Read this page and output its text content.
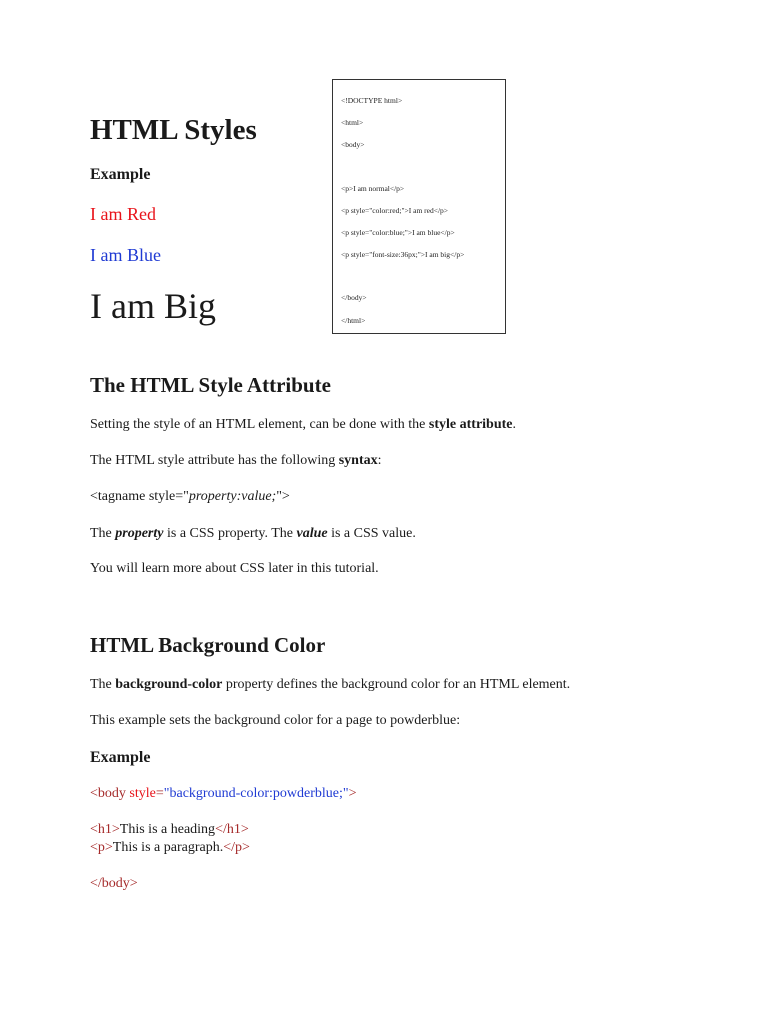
HTML Styles
Example
I am Red
I am Blue
I am Big
<!DOCTYPE html>
<html>
<body>
<p>I am normal</p>
<p style="color:red;">I am red</p>
<p style="color:blue;">I am blue</p>
<p style="font-size:36px;">I am big</p>
</body>
</html>
The HTML Style Attribute
Setting the style of an HTML element, can be done with the style attribute.
The HTML style attribute has the following syntax:
<tagname style="property:value;">
The property is a CSS property. The value is a CSS value.
You will learn more about CSS later in this tutorial.
HTML Background Color
The background-color property defines the background color for an HTML element.
This example sets the background color for a page to powderblue:
Example
<body style="background-color:powderblue;">
<h1>This is a heading</h1>
<p>This is a paragraph.</p>
</body>
